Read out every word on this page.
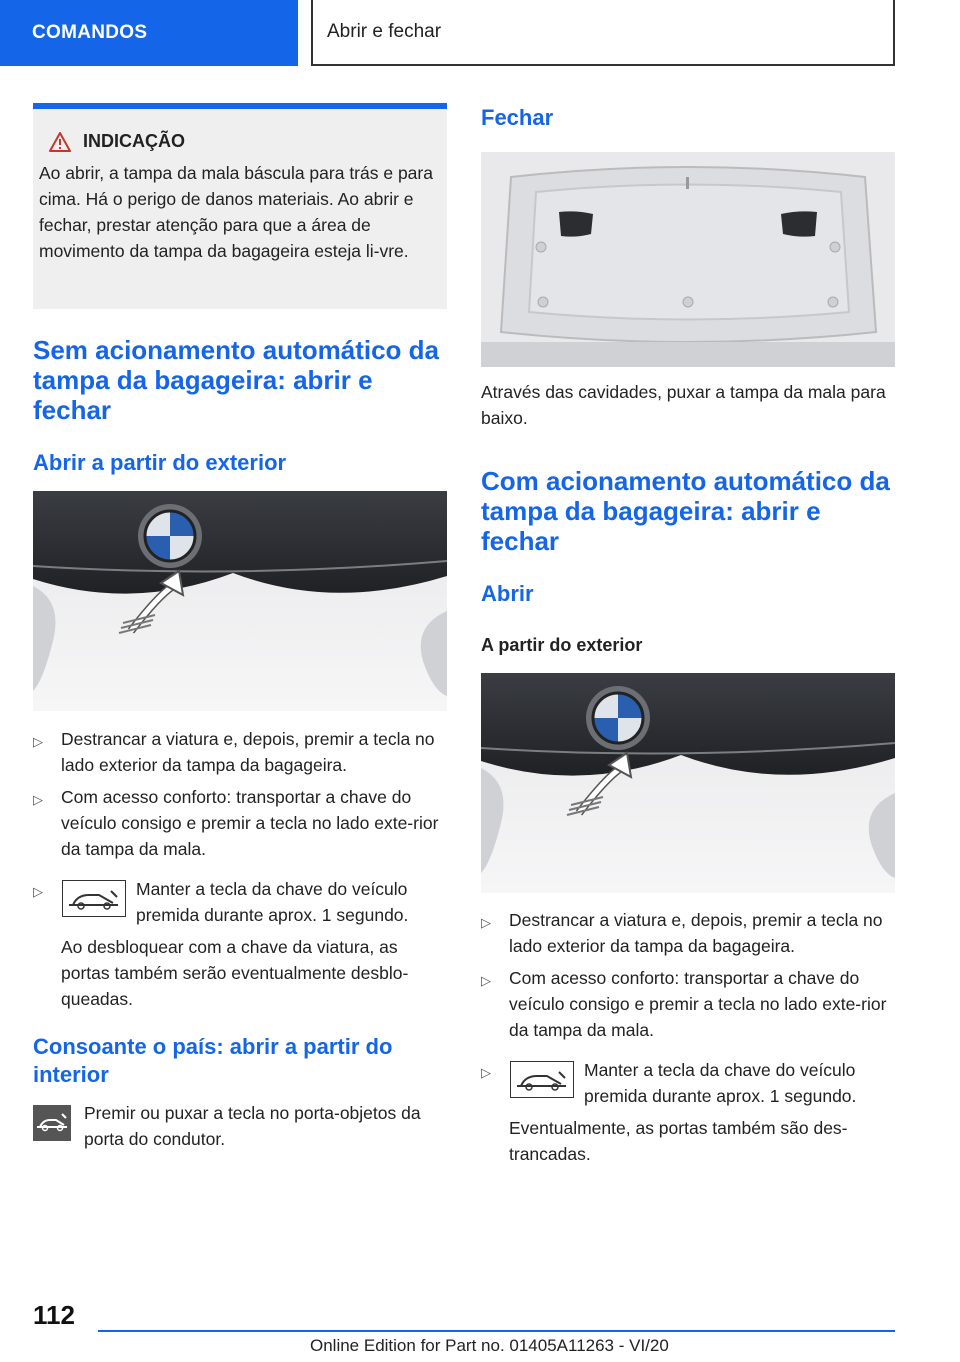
COMANDOS	Abrir e fechar
INDICAÇÃO

Ao abrir, a tampa da mala báscula para trás e para cima. Há o perigo de danos materiais. Ao abrir e fechar, prestar atenção para que a área de movimento da tampa da bagageira esteja li-vre.

Sem acionamento automático da tampa da bagageira: abrir e fechar
Abrir a partir do exterior
▷ Destrancar a viatura e, depois, premir a tecla no lado exterior da tampa da bagageira.
▷ Com acesso conforto: transportar a chave do veículo consigo e premir a tecla no lado exte-rior da tampa da mala.
▷	Manter a tecla da chave do veículo premida durante aprox. 1 segundo.

Ao desbloquear com a chave da viatura, as portas também serão eventualmente desblo-queadas.

Consoante o país: abrir a partir do interior

Premir ou puxar a tecla no porta-objetos da porta do condutor.

Fechar

Através das cavidades, puxar a tampa da mala para baixo.

Com acionamento automático da tampa da bagageira: abrir e fechar
Abrir
A partir do exterior
▷ Destrancar a viatura e, depois, premir a tecla no lado exterior da tampa da bagageira.
▷ Com acesso conforto: transportar a chave do veículo consigo e premir a tecla no lado exte-rior da tampa da mala.
▷	Manter a tecla da chave do veículo premida durante aprox. 1 segundo.

Eventualmente, as portas também são des-trancadas.

112
Online Edition for Part no. 01405A11263 - VI/20
